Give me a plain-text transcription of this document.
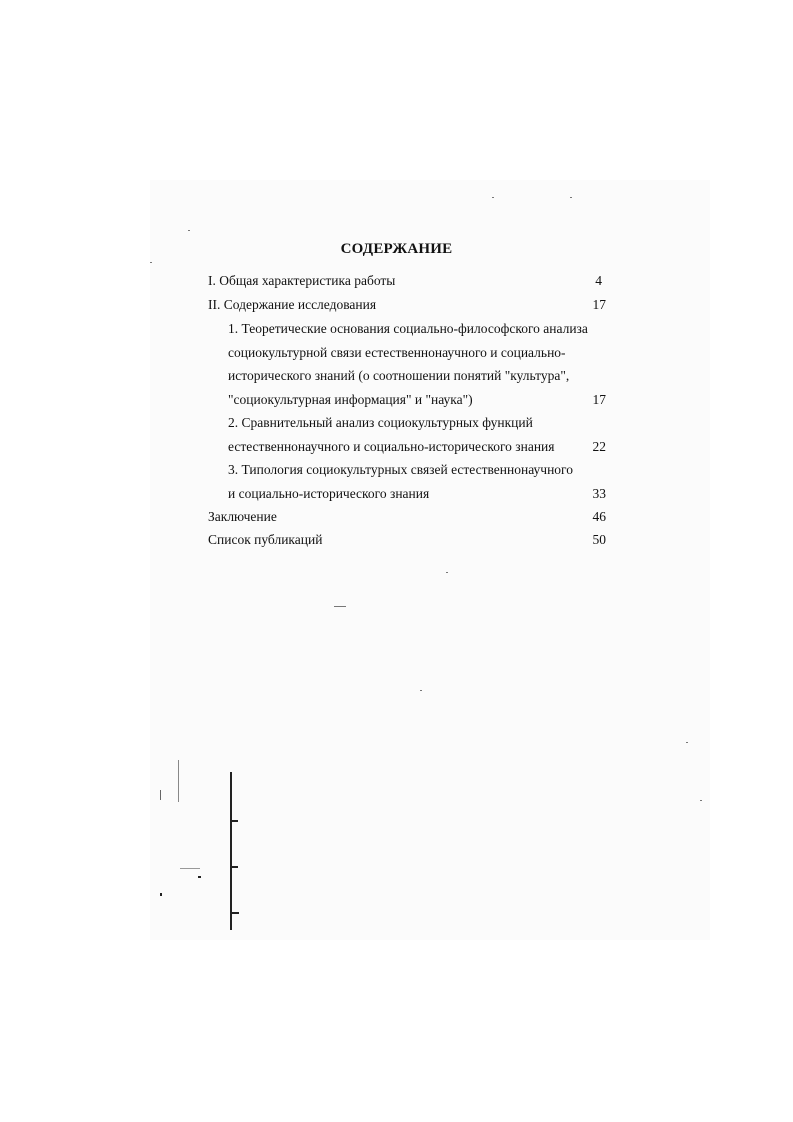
СОДЕРЖАНИЕ
I. Общая характеристика работы	4
II. Содержание исследования	17
1. Теоретические основания социально-философского анализа
социокультурной связи естественнонаучного и социально-
исторического знаний (о соотношении понятий "культура",
"социокультурная информация" и "наука")	17
2. Сравнительный анализ социокультурных функций
естественнонаучного и социально-исторического знания	22
3. Типология социокультурных связей естественнонаучного
и социально-исторического знания	33
Заключение	46
Список публикаций	50
